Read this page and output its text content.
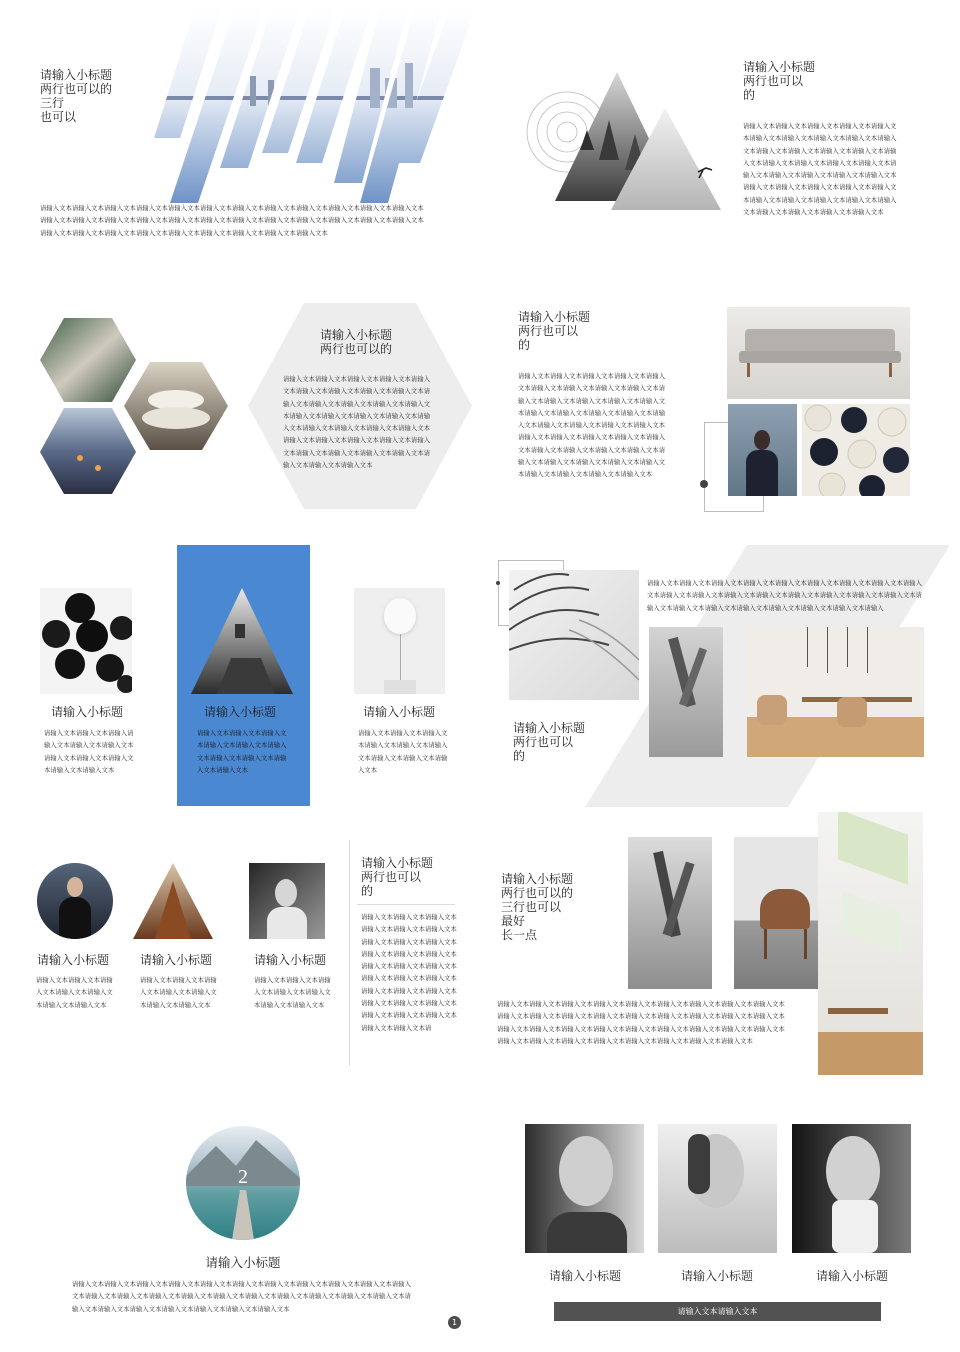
请输入小标题
两行也可以的
三行
也可以
请输入文本请输入文本请输入文本请输入文本请输入文本请输入文本请输入文本请输入文本请输入文本请输入文本请输入文本请输入文本请输入文本请输入文本请输入文本请输入文本请输入文本请输入文本请输入文本请输入文本请输入文本请输入文本请输入文本请输入文本请输入文本请输入文本请输入文本请输入文本请输入文本请输入文本请输入文本请输入文本请输入文本
请输入小标题
两行也可以
的
请输入文本请输入文本请输入文本请输入文本请输入文本请输入文本请输入文本请输入文本请输入文本请输入文本请输入文本请输入文本请输入文本请输入文本请输入文本请输入文本请输入文本请输入文本请输入文本请输入文本请输入文本请输入文本请输入文本请输入文本请输入文本请输入文本请输入文本请输入文本请输入文本请输入文本请输入文本请输入文本请输入文本请输入文本请输入文本请输入文本请输入文本请输入文本
请输入小标题
两行也可以的
请输入文本请输入文本请输入文本请输入文本请输入文本请输入文本请输入文本请输入文本请输入文本请输入文本请输入文本请输入文本请输入文本请输入文本请输入文本请输入文本请输入文本请输入文本请输入文本请输入文本请输入文本请输入文本请输入文本请输入文本请输入文本请输入文本请输入文本请输入文本请输入文本请输入文本请输入文本请输入文本请输入文本请输入文本请输入文本
请输入小标题
两行也可以
的
请输入文本请输入文本请输入文本请输入文本请输入文本请输入文本请输入文本请输入文本请输入文本请输入文本请输入文本请输入文本请输入文本请输入文本请输入文本请输入文本请输入文本请输入文本请输入文本请输入文本请输入文本请输入文本请输入文本请输入文本请输入文本请输入文本请输入文本请输入文本请输入文本请输入文本请输入文本请输入文本请输入文本请输入文本请输入文本请输入文本请输入文本请输入文本请输入文本请输入文本请输入文本
请输入小标题
请输入文本请输入文本请输入请输入文本请输入文本请输入文本请输入文本请输入文本请输入文本请输入文本请输入文本
请输入小标题
请输入文本请输入文本请输入文本请输入文本请输入文本请输入文本请输入文本请输入文本请输入文本请输入文本
请输入小标题
请输入文本请输入文本请输入文本请输入文本请输入文本请输入文本请输入文本请输入文本请输入文本
请输入文本请输入文本请输入文本请输入文本请输入文本请输入文本请输入文本请输入文本请输入文本请输入文本请输入文本请输入文本请输入文本请输入文本请输入文本请输入文本请输入文本请输入文本请输入文本请输入文本请输入文本请输入文本请输入文本请输入文本请输入
请输入小标题
两行也可以
的
请输入小标题
请输入文本请输入文本请输入文本请输入文本请输入文本请输入文本请输入文本
请输入小标题
请输入文本请输入文本请输入文本请输入文本请输入文本请输入文本请输入文本
请输入小标题
请输入文本请输入文本请输入文本请输入文本请输入文本请输入文本请输入文本
请输入小标题
两行也可以
的
请输入文本请输入文本请输入文本请输入文本请输入文本请输入文本请输入文本请输入文本请输入文本请输入文本请输入文本请输入文本请输入文本请输入文本请输入文本请输入文本请输入文本请输入文本请输入文本请输入文本请输入文本请输入文本请输入文本请输入文本请输入文本请输入文本请输入文本请输入文本请输入文本请
请输入小标题
两行也可以的
三行也可以
最好
长一点
请输入文本请输入文本请输入文本请输入文本请输入文本请输入文本请输入文本请输入文本请输入文本请输入文本请输入文本请输入文本请输入文本请输入文本请输入文本请输入文本请输入文本请输入文本请输入文本请输入文本请输入文本请输入文本请输入文本请输入文本请输入文本请输入文本请输入文本请输入文本请输入文本请输入文本请输入文本请输入文本请输入文本请输入文本请输入文本
2
请输入小标题
请输入文本请输入文本请输入文本请输入文本请输入文本请输入文本请输入文本请输入文本请输入文本请输入文本请输入文本请输入文本请输入文本请输入文本请输入文本请输入文本请输入文本请输入文本请输入文本请输入文本请输入文本请输入文本请输入文本请输入文本请输入文本请输入文本请输入文本请输入文本
请输入小标题	请输入小标题	请输入小标题
请输入文本请输入文本
1
